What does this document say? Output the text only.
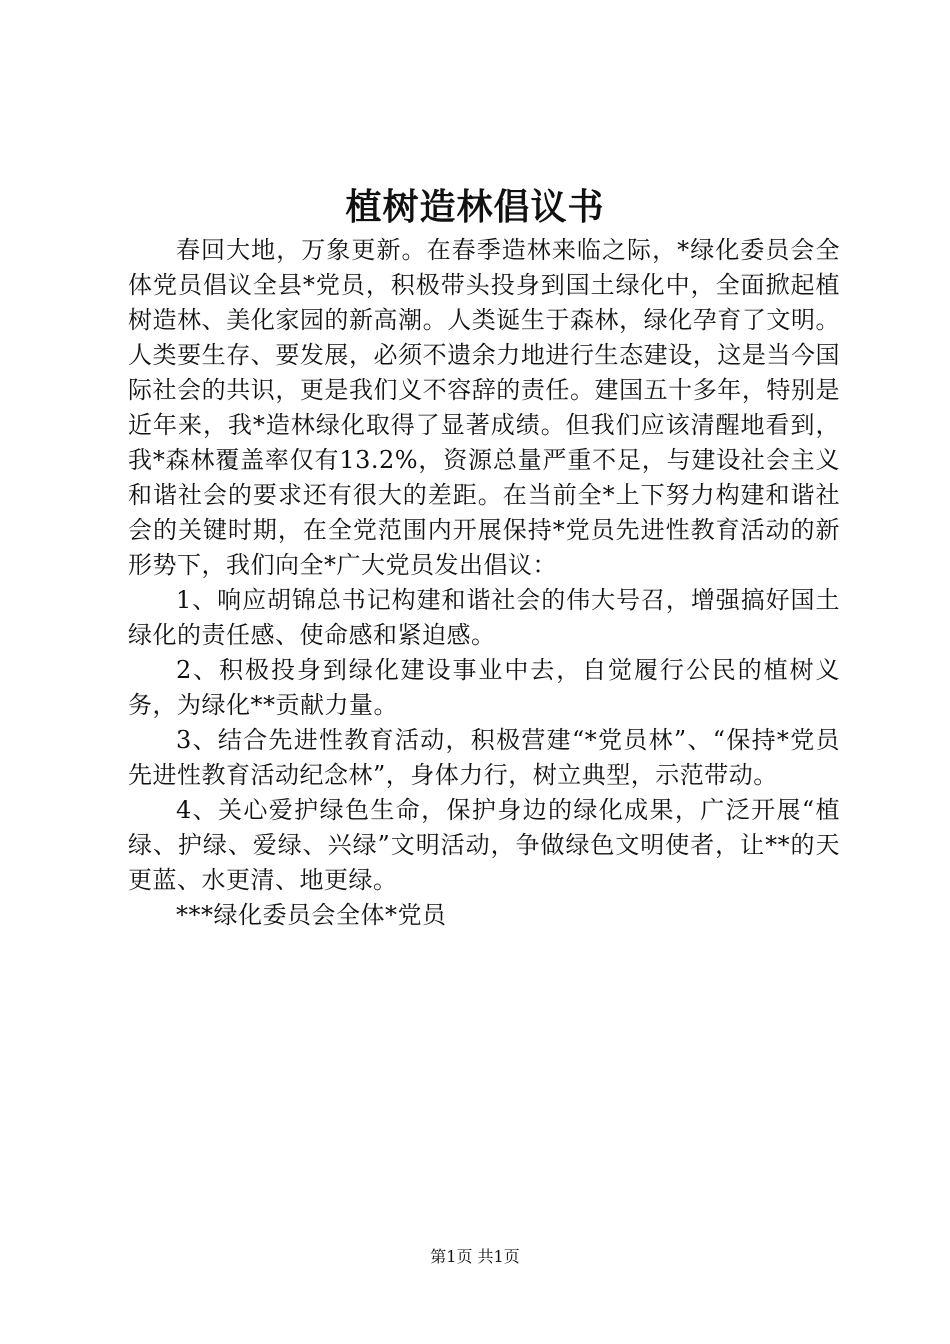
植树造林倡议书

春回大地，万象更新。在春季造林来临之际，*绿化委员会全体党员倡议全县*党员，积极带头投身到国土绿化中，全面掀起植树造林、美化家园的新高潮。人类诞生于森林，绿化孕育了文明。人类要生存、要发展，必须不遗余力地进行生态建设，这是当今国际社会的共识，更是我们义不容辞的责任。建国五十多年，特别是近年来，我*造林绿化取得了显著成绩。但我们应该清醒地看到，我*森林覆盖率仅有13.2%，资源总量严重不足，与建设社会主义和谐社会的要求还有很大的差距。在当前全*上下努力构建和谐社会的关键时期，在全党范围内开展保持*党员先进性教育活动的新形势下，我们向全*广大党员发出倡议：

1、响应胡锦总书记构建和谐社会的伟大号召，增强搞好国土绿化的责任感、使命感和紧迫感。

2、积极投身到绿化建设事业中去，自觉履行公民的植树义务，为绿化**贡献力量。

3、结合先进性教育活动，积极营建“*党员林”、“保持*党员先进性教育活动纪念林”，身体力行，树立典型，示范带动。

4、关心爱护绿色生命，保护身边的绿化成果，广泛开展“植绿、护绿、爱绿、兴绿”文明活动，争做绿色文明使者，让**的天更蓝、水更清、地更绿。

***绿化委员会全体*党员

第1页 共1页
